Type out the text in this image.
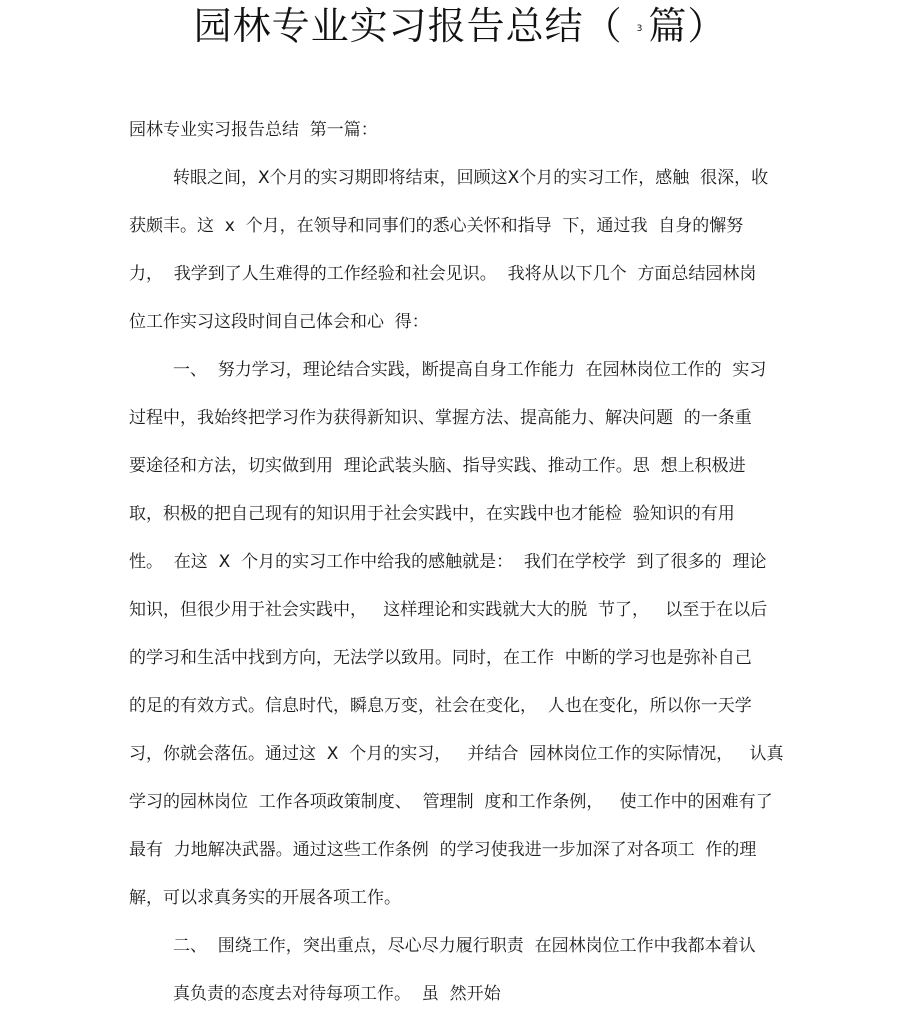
园林专业实习报告总结（ 3 篇）
园林专业实习报告总结  第一篇：
转眼之间，X个月的实习期即将结束，回顾这X个月的实习工作，感触  很深，收
获颇丰。这  x  个月，在领导和同事们的悉心关怀和指导  下，通过我  自身的懈努
力，  我学到了人生难得的工作经验和社会见识。  我将从以下几个  方面总结园林岗
位工作实习这段时间自己体会和心  得：
一、  努力学习，理论结合实践，断提高自身工作能力  在园林岗位工作的  实习
过程中，我始终把学习作为获得新知识、掌握方法、提高能力、解决问题  的一条重
要途径和方法，切实做到用  理论武装头脑、指导实践、推动工作。思  想上积极进
取，积极的把自己现有的知识用于社会实践中，在实践中也才能检  验知识的有用
性。  在这  X  个月的实习工作中给我的感触就是：  我们在学校学  到了很多的  理论
知识，但很少用于社会实践中，   这样理论和实践就大大的脱  节了，   以至于在以后
的学习和生活中找到方向，无法学以致用。同时，在工作  中断的学习也是弥补自己
的足的有效方式。信息时代，瞬息万变，社会在变化，  人也在变化，所以你一天学
习，你就会落伍。通过这  X  个月的实习，   并结合  园林岗位工作的实际情况，   认真
学习的园林岗位  工作各项政策制度、  管理制  度和工作条例，   使工作中的困难有了
最有  力地解决武器。通过这些工作条例  的学习使我进一步加深了对各项工  作的理
解，可以求真务实的开展各项工作。
二、  围绕工作，突出重点，尽心尽力履行职责  在园林岗位工作中我都本着认
真负责的态度去对待每项工作。  虽  然开始
